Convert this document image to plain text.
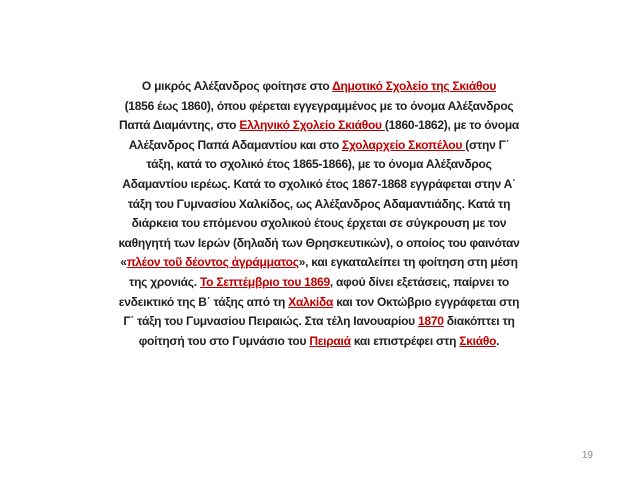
Ο μικρός Αλέξανδρος φοίτησε στο Δημοτικό Σχολείο της Σκιάθου
(1856 έως 1860), όπου φέρεται εγγεγραμμένος με το όνομα Αλέξανδρος
Παπά Διαμάντης, στο Ελληνικό Σχολείο Σκιάθου (1860-1862), με το όνομα
Αλέξανδρος Παπά Αδαμαντίου και στο Σχολαρχείο Σκοπέλου (στην Γ΄
τάξη, κατά το σχολικό έτος 1865-1866), με το όνομα Αλέξανδρος
Αδαμαντίου ιερέως. Κατά το σχολικό έτος 1867-1868 εγγράφεται στην Α΄
τάξη του Γυμνασίου Χαλκίδος, ως Αλέξανδρος Αδαμαντιάδης. Κατά τη
διάρκεια του επόμενου σχολικού έτους έρχεται σε σύγκρουση με τον
καθηγητή των Ιερών (δηλαδή των Θρησκευτικών), ο οποίος του φαινόταν
«πλέον τοῦ δέοντος ἀγράμματος», και εγκαταλείπει τη φοίτηση στη μέση
της χρονιάς. Το Σεπτέμβριο του 1869, αφού δίνει εξετάσεις, παίρνει το
ενδεικτικό της Β΄ τάξης από τη Χαλκίδα και τον Οκτώβριο εγγράφεται στη
Γ΄ τάξη του Γυμνασίου Πειραιώς. Στα τέλη Ιανουαρίου 1870 διακόπτει τη
φοίτησή του στο Γυμνάσιο του Πειραιά και επιστρέφει στη Σκιάθο.
19
